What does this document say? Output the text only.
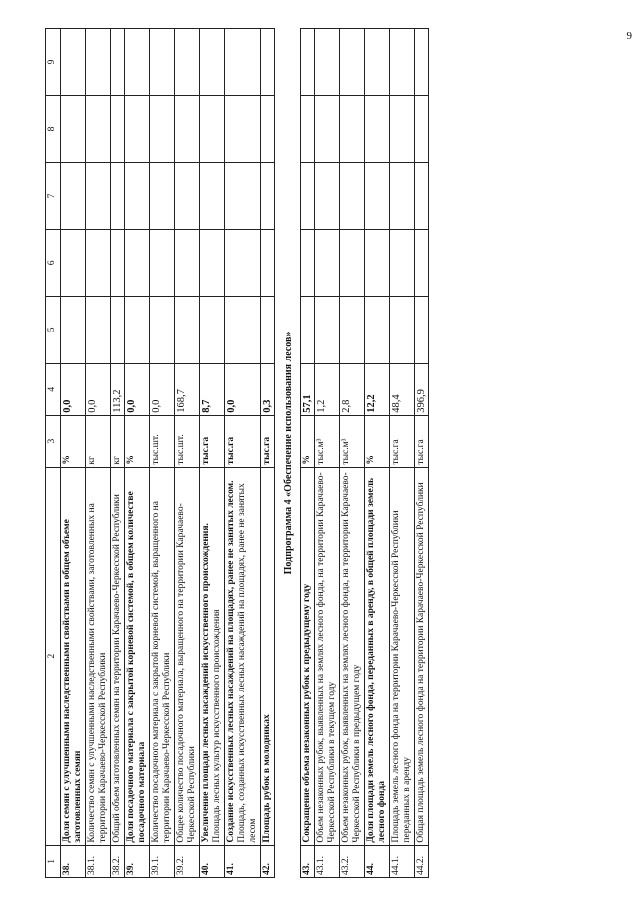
9
1	2	3	4	5	6	7	8	9
38.	Доля семян с улучшенными наследственными свойствами в общем объеме заготовленных семян	%	0,0					
38.1.	Количество семян с улучшенными наследственными свойствами, заготовленных на территории Карачаево-Черкесской Республики	кг	0,0					
38.2.	Общий объем заготовленных семян на территории Карачаево-Черкесской Республики	кг	113,2					
39.	Доля посадочного материала с закрытой корневой системой, в общем количестве посадочного материала	%	0,0					
39.1.	Количество посадочного материала с закрытой корневой системой, выращенного на территории Карачаево-Черкесской Республики	тыс.шт.	0,0					
39.2.	Общее количество посадочного материала, выращенного на территории Карачаево-Черкесской Республики	тыс.шт.	168,7					
40.	Увеличение площади лесных насаждений искусственного происхождения. Площадь лесных культур искусственного происхождения	тыс.га	8,7					
41.	Создание искусственных лесных насаждений на площадях, ранее не занятых лесом. Площадь, созданных искусственных лесных насаждений на площадях, ранее не занятых лесом	тыс.га	0,0					
42.	Площадь рубок в молодниках	тыс.га	0,3					
Подпрограмма 4 «Обеспечение использования лесов»								
43.	Сокращение объема незаконных рубок к предыдущему году	%	57,1					
43.1.	Объем незаконных рубок, выявленных на землях лесного фонда, на территории Карачаево-Черкесской Республики в текущем году	тыс.м³	1,2					
43.2.	Объем незаконных рубок, выявленных на землях лесного фонда, на территории Карачаево-Черкесской Республики в предыдущем году	тыс.м³	2,8					
44.	Доля площади земель лесного фонда, переданных в аренду, в общей площади земель лесного фонда	%	12,2					
44.1.	Площадь земель лесного фонда на территории Карачаево-Черкесской Республики переданных в аренду	тыс.га	48,4					
44.2.	Общая площадь земель лесного фонда на территории Карачаево-Черкесской Республики	тыс.га	396,9					
